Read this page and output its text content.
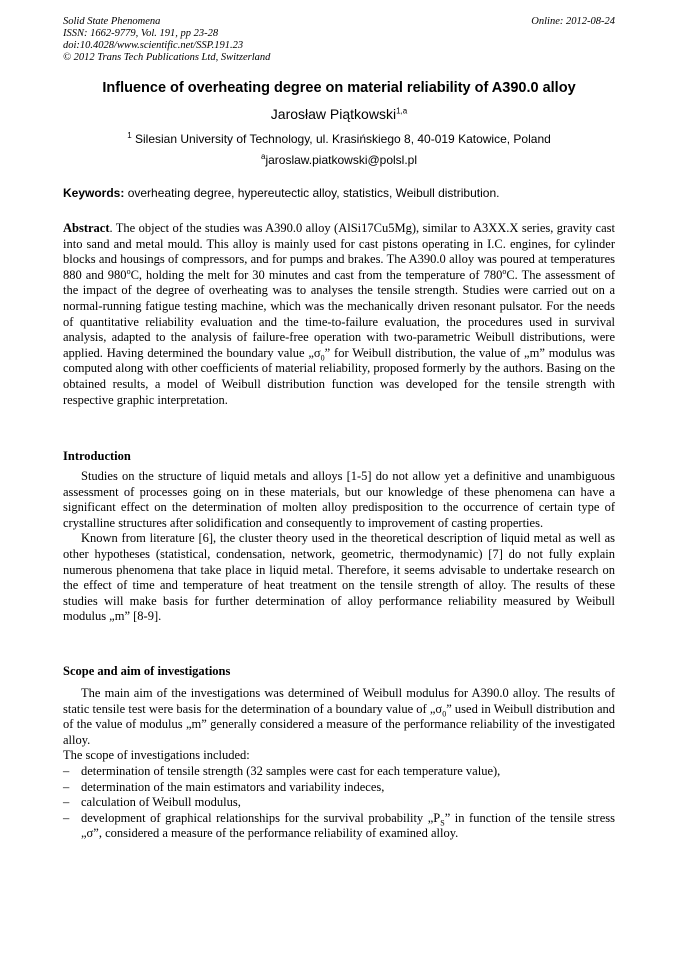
Solid State Phenomena
ISSN: 1662-9779, Vol. 191, pp 23-28
doi:10.4028/www.scientific.net/SSP.191.23
© 2012 Trans Tech Publications Ltd, Switzerland
Online: 2012-08-24
Influence of overheating degree on material reliability of A390.0 alloy
Jarosław Piątkowski$^{1,a}$
$^1$ Silesian University of Technology, ul. Krasińskiego 8, 40-019 Katowice, Poland
$^a$jaroslaw.piatkowski@polsl.pl
Keywords: overheating degree, hypereutectic alloy, statistics, Weibull distribution.
Abstract. The object of the studies was A390.0 alloy (AlSi17Cu5Mg), similar to A3XX.X series, gravity cast into sand and metal mould. This alloy is mainly used for cast pistons operating in I.C. engines, for cylinder blocks and housings of compressors, and for pumps and brakes. The A390.0 alloy was poured at temperatures 880 and 980$^o$C, holding the melt for 30 minutes and cast from the temperature of 780$^o$C. The assessment of the impact of the degree of overheating was to analyses the tensile strength. Studies were carried out on a normal-running fatigue testing machine, which was the mechanically driven resonant pulsator. For the needs of quantitative reliability evaluation and the time-to-failure evaluation, the procedures used in survival analysis, adapted to the analysis of failure-free operation with two-parametric Weibull distributions, were applied. Having determined the boundary value $„\sigma_0$” for Weibull distribution, the value of „m” modulus was computed along with other coefficients of material reliability, proposed formerly by the authors. Basing on the obtained results, a model of Weibull distribution function was developed for the tensile strength with respective graphic interpretation.
Introduction

Studies on the structure of liquid metals and alloys [1-5] do not allow yet a definitive and unambiguous assessment of processes going on in these materials, but our knowledge of these phenomena can have a significant effect on the determination of molten alloy predisposition to the occurrence of certain type of crystalline structures after solidification and consequently to improvement of casting properties.

Known from literature [6], the cluster theory used in the theoretical description of liquid metal as well as other hypotheses (statistical, condensation, network, geometric, thermodynamic) [7] do not fully explain numerous phenomena that take place in liquid metal. Therefore, it seems advisable to undertake research on the effect of time and temperature of heat treatment on the tensile strength of alloy. The results of these studies will make basis for further determination of alloy performance reliability measured by Weibull modulus „m” [8-9].

Scope and aim of investigations

The main aim of the investigations was determined of Weibull modulus for A390.0 alloy. The results of static tensile test were basis for the determination of a boundary value of $„\sigma_0$” used in Weibull distribution and of the value of modulus „m” generally considered a measure of the performance reliability of the investigated alloy.

The scope of investigations included:

– determination of tensile strength (32 samples were cast for each temperature value),
– determination of the main estimators and variability indeces,
– calculation of Weibull modulus,
– development of graphical relationships for the survival probability $„P_S$” in function of the tensile stress „σ”, considered a measure of the performance reliability of examined alloy.
